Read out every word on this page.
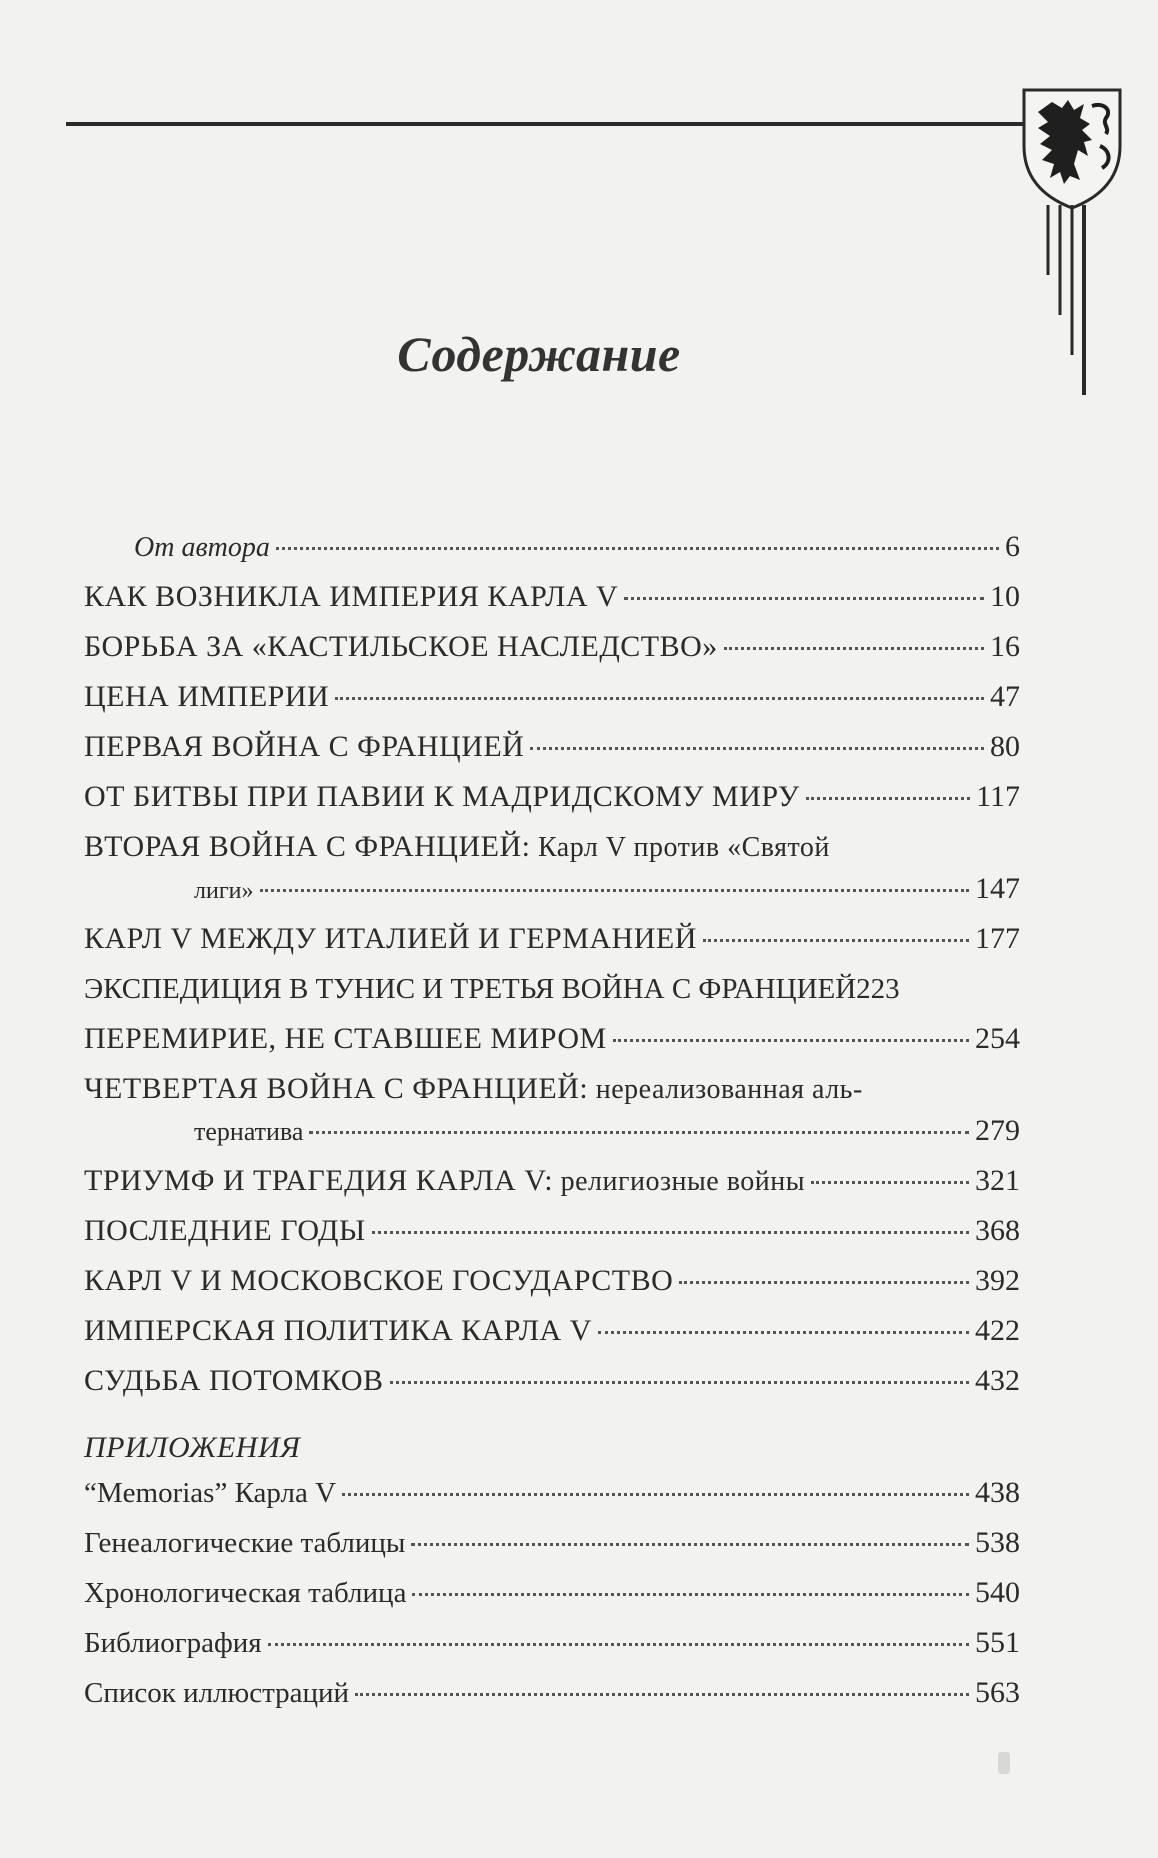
Содержание
От автора	6
КАК ВОЗНИКЛА ИМПЕРИЯ КАРЛА V	10
БОРЬБА ЗА «КАСТИЛЬСКОЕ НАСЛЕДСТВО»	16
ЦЕНА ИМПЕРИИ	47
ПЕРВАЯ ВОЙНА С ФРАНЦИЕЙ	80
ОТ БИТВЫ ПРИ ПАВИИ К МАДРИДСКОМУ МИРУ	117
ВТОРАЯ ВОЙНА С ФРАНЦИЕЙ: Карл V против «Святой
лиги»	147
КАРЛ V МЕЖДУ ИТАЛИЕЙ И ГЕРМАНИЕЙ	177
ЭКСПЕДИЦИЯ В ТУНИС И ТРЕТЬЯ ВОЙНА С ФРАНЦИЕЙ 223
ПЕРЕМИРИЕ, НЕ СТАВШЕЕ МИРОМ	254
ЧЕТВЕРТАЯ ВОЙНА С ФРАНЦИЕЙ: нереализованная аль-
тернатива	279
ТРИУМФ И ТРАГЕДИЯ КАРЛА V: религиозные войны	321
ПОСЛЕДНИЕ ГОДЫ	368
КАРЛ V И МОСКОВСКОЕ ГОСУДАРСТВО	392
ИМПЕРСКАЯ ПОЛИТИКА КАРЛА V	422
СУДЬБА ПОТОМКОВ	432
ПРИЛОЖЕНИЯ
“Memorias” Карла V	438
Генеалогические таблицы	538
Хронологическая таблица	540
Библиография	551
Список иллюстраций	563
